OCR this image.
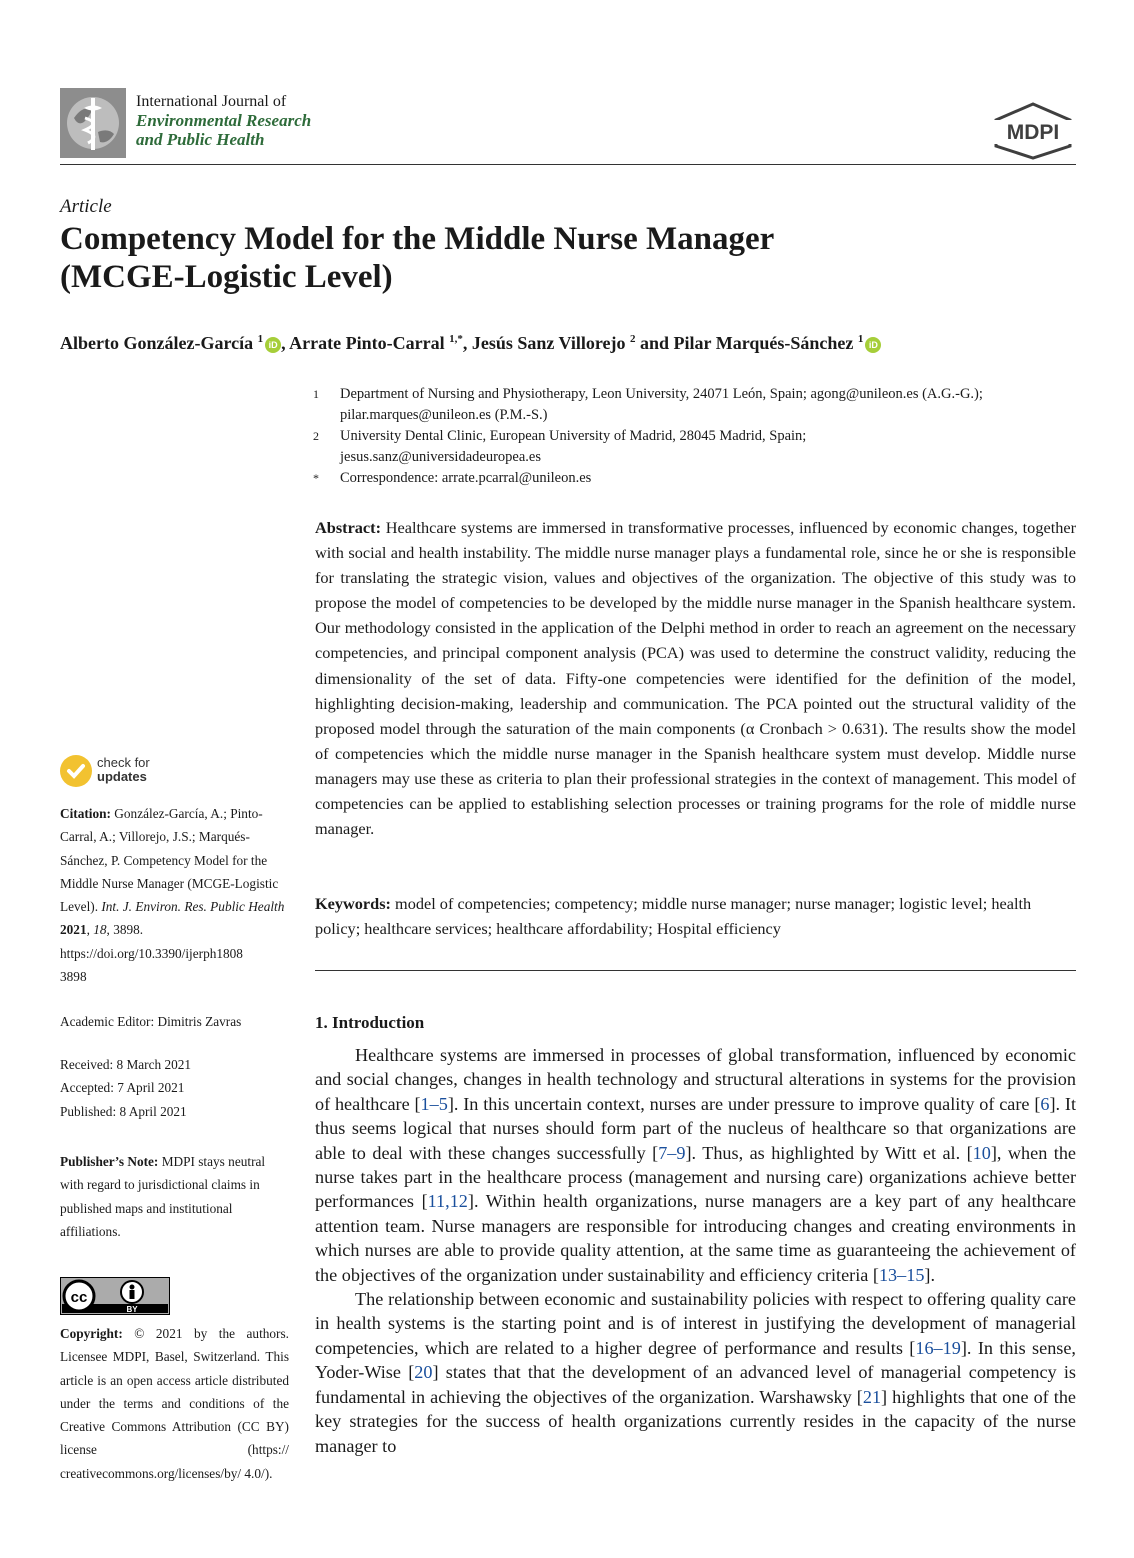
International Journal of
Environmental Research
and Public Health	MDPI
Article
Competency Model for the Middle Nurse Manager
(MCGE-Logistic Level)
Alberto González-García $^1$ iD , Arrate Pinto-Carral $^{1,*}$, Jesús Sanz Villorejo $^2$ and Pilar Marqués-Sánchez $^1$ iD
1	Department of Nursing and Physiotherapy, Leon University, 24071 León, Spain; agong@unileon.es (A.G.-G.);
pilar.marques@unileon.es (P.M.-S.)
2	University Dental Clinic, European University of Madrid, 28045 Madrid, Spain;
jesus.sanz@universidadeuropea.es
*	Correspondence: arrate.pcarral@unileon.es
Abstract: Healthcare systems are immersed in transformative processes, influenced by economic changes, together with social and health instability. The middle nurse manager plays a fundamental role, since he or she is responsible for translating the strategic vision, values and objectives of the organization. The objective of this study was to propose the model of competencies to be developed by the middle nurse manager in the Spanish healthcare system. Our methodology consisted in the application of the Delphi method in order to reach an agreement on the necessary competencies, and principal component analysis (PCA) was used to determine the construct validity, reducing the dimensionality of the set of data. Fifty-one competencies were identified for the definition of the model, highlighting decision-making, leadership and communication. The PCA pointed out the structural validity of the proposed model through the saturation of the main components (α Cronbach > 0.631). The results show the model of competencies which the middle nurse manager in the Spanish healthcare system must develop. Middle nurse managers may use these as criteria to plan their professional strategies in the context of management. This model of competencies can be applied to establishing selection processes or training programs for the role of middle nurse manager.
Keywords: model of competencies; competency; middle nurse manager; nurse manager; logistic level; health policy; healthcare services; healthcare affordability; Hospital efficiency
1. Introduction

Healthcare systems are immersed in processes of global transformation, influenced by economic and social changes, changes in health technology and structural alterations in systems for the provision of healthcare [1–5]. In this uncertain context, nurses are under pressure to improve quality of care [6]. It thus seems logical that nurses should form part of the nucleus of healthcare so that organizations are able to deal with these changes successfully [7–9]. Thus, as highlighted by Witt et al. [10], when the nurse takes part in the healthcare process (management and nursing care) organizations achieve better performances [11,12]. Within health organizations, nurse managers are a key part of any healthcare attention team. Nurse managers are responsible for introducing changes and creating environments in which nurses are able to provide quality attention, at the same time as guaranteeing the achievement of the objectives of the organization under sustainability and efficiency criteria [13–15].

The relationship between economic and sustainability policies with respect to offering quality care in health systems is the starting point and is of interest in justifying the development of managerial competencies, which are related to a higher degree of performance and results [16–19]. In this sense, Yoder-Wise [20] states that that the development of an advanced level of managerial competency is fundamental in achieving the objectives of the organization. Warshawsky [21] highlights that one of the key strategies for the success of health organizations currently resides in the capacity of the nurse manager to

check for
updates
Citation: González-García, A.; Pinto-Carral, A.; Villorejo, J.S.; Marqués-Sánchez, P. Competency Model for the Middle Nurse Manager (MCGE-Logistic Level). Int. J. Environ. Res. Public Health 2021, 18, 3898.
https://doi.org/10.3390/ijerph1808
3898
Academic Editor: Dimitris Zavras
Received: 8 March 2021
Accepted: 7 April 2021
Published: 8 April 2021
Publisher’s Note: MDPI stays neutral with regard to jurisdictional claims in published maps and institutional affiliations.
cc
BY
Copyright: © 2021 by the authors. Licensee MDPI, Basel, Switzerland. This article is an open access article distributed under the terms and conditions of the Creative Commons Attribution (CC BY) license (https:// creativecommons.org/licenses/by/ 4.0/).
